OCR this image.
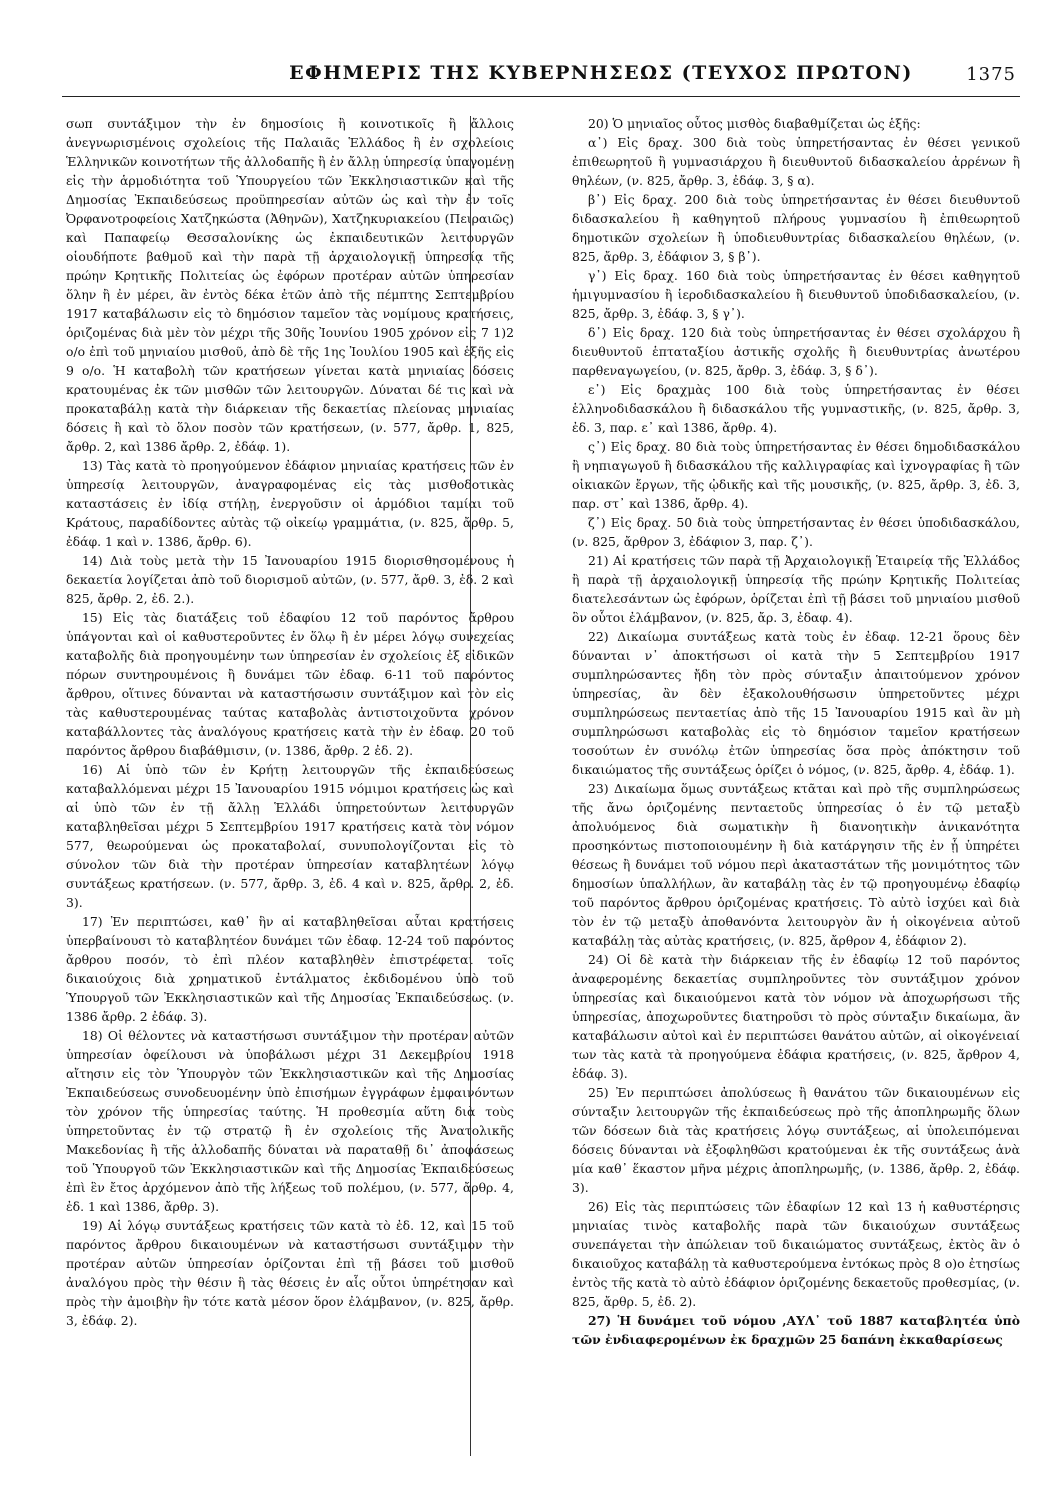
ΕΦΗΜΕΡΙΣ ΤΗΣ ΚΥΒΕΡΝΗΣΕΩΣ (ΤΕΥΧΟΣ ΠΡΩΤΟΝ)	1375

σωπ συντάξιμον τὴν ἐν δημοσίοις ἢ κοινοτικοῖς ἢ ἄλλοις ἀνεγνωρισμένοις σχολείοις τῆς Παλαιᾶς Ἑλλάδος ἢ ἐν σχολείοις Ἑλληνικῶν κοινοτήτων τῆς ἀλλοδαπῆς ἢ ἐν ἄλλῃ ὑπηρεσίᾳ ὑπαγομένῃ εἰς τὴν ἁρμοδιότητα τοῦ Ὑπουργείου τῶν Ἐκκλησιαστικῶν καὶ τῆς Δημοσίας Ἐκπαιδεύσεως προϋπηρεσίαν αὐτῶν ὡς καὶ τὴν ἐν τοῖς Ὀρφανοτροφείοις Χατζηκώστα (Ἀθηνῶν), Χατζηκυριακείου (Πειραιῶς) καὶ Παπαφείῳ Θεσσαλονίκης ὡς ἐκπαιδευτικῶν λειτουργῶν οἱουδήποτε βαθμοῦ καὶ τὴν παρὰ τῇ ἀρχαιολογικῇ ὑπηρεσίᾳ τῆς πρώην Κρητικῆς Πολιτείας ὡς ἐφόρων προτέραν αὐτῶν ὑπηρεσίαν ὅλην ἢ ἐν μέρει, ἂν ἐντὸς δέκα ἐτῶν ἀπὸ τῆς πέμπτης Σεπτεμβρίου 1917 καταβάλωσιν εἰς τὸ δημόσιον ταμεῖον τὰς νομίμους κρατήσεις, ὁριζομένας διὰ μὲν τὸν μέχρι τῆς 30ῆς Ἰουνίου 1905 χρόνον εἰς 7 1)2 ο/ο ἐπὶ τοῦ μηνιαίου μισθοῦ, ἀπὸ δὲ τῆς 1ης Ἰουλίου 1905 καὶ ἑξῆς εἰς 9 ο/ο. Ἡ καταβολὴ τῶν κρατήσεων γίνεται κατὰ μηνιαίας δόσεις κρατουμένας ἐκ τῶν μισθῶν τῶν λειτουργῶν. Δύναται δέ τις καὶ νὰ προκαταβάλῃ κατὰ τὴν διάρκειαν τῆς δεκαετίας πλείονας μηνιαίας δόσεις ἢ καὶ τὸ ὅλον ποσὸν τῶν κρατήσεων, (ν. 577, ἄρθρ. 1, 825, ἄρθρ. 2, καὶ 1386 ἄρθρ. 2, ἐδάφ. 1).

13) Τὰς κατὰ τὸ προηγούμενον ἐδάφιον μηνιαίας κρατήσεις τῶν ἐν ὑπηρεσίᾳ λειτουργῶν, ἀναγραφομένας εἰς τὰς μισθοδοτικὰς καταστάσεις ἐν ἰδίᾳ στήλῃ, ἐνεργοῦσιν οἱ ἁρμόδιοι ταμίαι τοῦ Κράτους, παραδίδοντες αὐτὰς τῷ οἰκείῳ γραμμάτια, (ν. 825, ἄρθρ. 5, ἐδάφ. 1 καὶ ν. 1386, ἄρθρ. 6).

14) Διὰ τοὺς μετὰ τὴν 15 Ἰανουαρίου 1915 διορισθησομένους ἡ δεκαετία λογίζεται ἀπὸ τοῦ διορισμοῦ αὐτῶν, (ν. 577, ἄρθ. 3, ἐδ. 2 καὶ 825, ἄρθρ. 2, ἐδ. 2.).

15) Εἰς τὰς διατάξεις τοῦ ἐδαφίου 12 τοῦ παρόντος ἄρθρου ὑπάγονται καὶ οἱ καθυστεροῦντες ἐν ὅλῳ ἢ ἐν μέρει λόγῳ συνεχείας καταβολῆς διὰ προηγουμένην των ὑπηρεσίαν ἐν σχολείοις ἐξ εἰδικῶν πόρων συντηρουμένοις ἢ δυνάμει τῶν ἐδαφ. 6-11 τοῦ παρόντος ἄρθρου, οἵτινες δύνανται νὰ καταστήσωσιν συντάξιμον καὶ τὸν εἰς τὰς καθυστερουμένας ταύτας καταβολὰς ἀντιστοιχοῦντα χρόνον καταβάλλοντες τὰς ἀναλόγους κρατήσεις κατὰ τὴν ἐν ἐδαφ. 20 τοῦ παρόντος ἄρθρου διαβάθμισιν, (ν. 1386, ἄρθρ. 2 ἐδ. 2).

16) Αἱ ὑπὸ τῶν ἐν Κρήτῃ λειτουργῶν τῆς ἐκπαιδεύσεως καταβαλλόμεναι μέχρι 15 Ἰανουαρίου 1915 νόμιμοι κρατήσεις ὡς καὶ αἱ ὑπὸ τῶν ἐν τῇ ἄλλῃ Ἑλλάδι ὑπηρετούντων λειτουργῶν καταβληθεῖσαι μέχρι 5 Σεπτεμβρίου 1917 κρατήσεις κατὰ τὸν νόμον 577, θεωρούμεναι ὡς προκαταβολαί, συνυπολογίζονται εἰς τὸ σύνολον τῶν διὰ τὴν προτέραν ὑπηρεσίαν καταβλητέων λόγῳ συντάξεως κρατήσεων. (ν. 577, ἄρθρ. 3, ἐδ. 4 καὶ ν. 825, ἄρθρ. 2, ἐδ. 3).

17) Ἐν περιπτώσει, καθ᾽ ἣν αἱ καταβληθεῖσαι αὗται κρατήσεις ὑπερβαίνουσι τὸ καταβλητέον δυνάμει τῶν ἐδαφ. 12-24 τοῦ παρόντος ἄρθρου ποσόν, τὸ ἐπὶ πλέον καταβληθὲν ἐπιστρέφεται τοῖς δικαιούχοις διὰ χρηματικοῦ ἐντάλματος ἐκδιδομένου ὑπὸ τοῦ Ὑπουργοῦ τῶν Ἐκκλησιαστικῶν καὶ τῆς Δημοσίας Ἐκπαιδεύσεως. (ν. 1386 ἄρθρ. 2 ἐδάφ. 3).

18) Οἱ θέλοντες νὰ καταστήσωσι συντάξιμον τὴν προτέραν αὐτῶν ὑπηρεσίαν ὀφείλουσι νὰ ὑποβάλωσι μέχρι 31 Δεκεμβρίου 1918 αἴτησιν εἰς τὸν Ὑπουργὸν τῶν Ἐκκλησιαστικῶν καὶ τῆς Δημοσίας Ἐκπαιδεύσεως συνοδευομένην ὑπὸ ἐπισήμων ἐγγράφων ἐμφαινόντων τὸν χρόνον τῆς ὑπηρεσίας ταύτης. Ἡ προθεσμία αὕτη διὰ τοὺς ὑπηρετοῦντας ἐν τῷ στρατῷ ἢ ἐν σχολείοις τῆς Ἀνατολικῆς Μακεδονίας ἢ τῆς ἀλλοδαπῆς δύναται νὰ παραταθῇ δι᾽ ἀποφάσεως τοῦ Ὑπουργοῦ τῶν Ἐκκλησιαστικῶν καὶ τῆς Δημοσίας Ἐκπαιδεύσεως ἐπὶ ἓν ἔτος ἀρχόμενον ἀπὸ τῆς λήξεως τοῦ πολέμου, (ν. 577, ἄρθρ. 4, ἐδ. 1 καὶ 1386, ἄρθρ. 3).

19) Αἱ λόγῳ συντάξεως κρατήσεις τῶν κατὰ τὸ ἐδ. 12, καὶ 15 τοῦ παρόντος ἄρθρου δικαιουμένων νὰ καταστήσωσι συντάξιμον τὴν προτέραν αὐτῶν ὑπηρεσίαν ὁρίζονται ἐπὶ τῇ βάσει τοῦ μισθοῦ ἀναλόγου πρὸς τὴν θέσιν ἣ τὰς θέσεις ἐν αἷς οὗτοι ὑπηρέτησαν καὶ πρὸς τὴν ἀμοιβὴν ἣν τότε κατὰ μέσον ὅρον ἐλάμβανον, (ν. 825, ἄρθρ. 3, ἐδάφ. 2).

20) Ὁ μηνιαῖος οὗτος μισθὸς διαβαθμίζεται ὡς ἑξῆς:

α᾽) Εἰς δραχ. 300 διὰ τοὺς ὑπηρετήσαντας ἐν θέσει γενικοῦ ἐπιθεωρητοῦ ἢ γυμνασιάρχου ἢ διευθυντοῦ διδασκαλείου ἀρρένων ἢ θηλέων, (ν. 825, ἄρθρ. 3, ἐδάφ. 3, § α).

β᾽) Εἰς δραχ. 200 διὰ τοὺς ὑπηρετήσαντας ἐν θέσει διευθυντοῦ διδασκαλείου ἢ καθηγητοῦ πλήρους γυμνασίου ἢ ἐπιθεωρητοῦ δημοτικῶν σχολείων ἢ ὑποδιευθυντρίας διδασκαλείου θηλέων, (ν. 825, ἄρθρ. 3, ἐδάφιον 3, § β᾽).

γ᾽) Εἰς δραχ. 160 διὰ τοὺς ὑπηρετήσαντας ἐν θέσει καθηγητοῦ ἡμιγυμνασίου ἢ ἱεροδιδασκαλείου ἢ διευθυντοῦ ὑποδιδασκαλείου, (ν. 825, ἄρθρ. 3, ἐδάφ. 3, § γ᾽).

δ᾽) Εἰς δραχ. 120 διὰ τοὺς ὑπηρετήσαντας ἐν θέσει σχολάρχου ἢ διευθυντοῦ ἑπταταξίου ἀστικῆς σχολῆς ἢ διευθυντρίας ἀνωτέρου παρθεναγωγείου, (ν. 825, ἄρθρ. 3, ἐδάφ. 3, § δ᾽).

ε᾽) Εἰς δραχμὰς 100 διὰ τοὺς ὑπηρετήσαντας ἐν θέσει ἑλληνοδιδασκάλου ἢ διδασκάλου τῆς γυμναστικῆς, (ν. 825, ἄρθρ. 3, ἐδ. 3, παρ. ε᾽ καὶ 1386, ἄρθρ. 4).

ς᾽) Εἰς δραχ. 80 διὰ τοὺς ὑπηρετήσαντας ἐν θέσει δημοδιδασκάλου ἢ νηπιαγωγοῦ ἢ διδασκάλου τῆς καλλιγραφίας καὶ ἰχνογραφίας ἢ τῶν οἰκιακῶν ἔργων, τῆς ᾠδικῆς καὶ τῆς μουσικῆς, (ν. 825, ἄρθρ. 3, ἐδ. 3, παρ. στ᾽ καὶ 1386, ἄρθρ. 4).

ζ᾽) Εἰς δραχ. 50 διὰ τοὺς ὑπηρετήσαντας ἐν θέσει ὑποδιδασκάλου, (ν. 825, ἄρθρον 3, ἐδάφιον 3, παρ. ζ᾽).

21) Αἱ κρατήσεις τῶν παρὰ τῇ Ἀρχαιολογικῇ Ἑταιρείᾳ τῆς Ἑλλάδος ἢ παρὰ τῇ ἀρχαιολογικῇ ὑπηρεσίᾳ τῆς πρώην Κρητικῆς Πολιτείας διατελεσάντων ὡς ἐφόρων, ὁρίζεται ἐπὶ τῇ βάσει τοῦ μηνιαίου μισθοῦ ὃν οὗτοι ἐλάμβανον, (ν. 825, ἄρ. 3, ἐδαφ. 4).

22) Δικαίωμα συντάξεως κατὰ τοὺς ἐν ἐδαφ. 12-21 ὅρους δὲν δύνανται ν᾽ ἀποκτήσωσι οἱ κατὰ τὴν 5 Σεπτεμβρίου 1917 συμπληρώσαντες ἤδη τὸν πρὸς σύνταξιν ἀπαιτούμενον χρόνον ὑπηρεσίας, ἂν δὲν ἐξακολουθήσωσιν ὑπηρετοῦντες μέχρι συμπληρώσεως πενταετίας ἀπὸ τῆς 15 Ἰανουαρίου 1915 καὶ ἂν μὴ συμπληρώσωσι καταβολὰς εἰς τὸ δημόσιον ταμεῖον κρατήσεων τοσούτων ἐν συνόλῳ ἐτῶν ὑπηρεσίας ὅσα πρὸς ἀπόκτησιν τοῦ δικαιώματος τῆς συντάξεως ὁρίζει ὁ νόμος, (ν. 825, ἄρθρ. 4, ἐδάφ. 1).

23) Δικαίωμα ὅμως συντάξεως κτᾶται καὶ πρὸ τῆς συμπληρώσεως τῆς ἄνω ὁριζομένης πενταετοῦς ὑπηρεσίας ὁ ἐν τῷ μεταξὺ ἀπολυόμενος διὰ σωματικὴν ἢ διανοητικὴν ἀνικανότητα προσηκόντως πιστοποιουμένην ἢ διὰ κατάργησιν τῆς ἐν ᾗ ὑπηρέτει θέσεως ἢ δυνάμει τοῦ νόμου περὶ ἀκαταστάτων τῆς μονιμότητος τῶν δημοσίων ὑπαλλήλων, ἂν καταβάλῃ τὰς ἐν τῷ προηγουμένῳ ἐδαφίῳ τοῦ παρόντος ἄρθρου ὁριζομένας κρατήσεις. Τὸ αὐτὸ ἰσχύει καὶ διὰ τὸν ἐν τῷ μεταξὺ ἀποθανόντα λειτουργὸν ἂν ἡ οἰκογένεια αὐτοῦ καταβάλῃ τὰς αὐτὰς κρατήσεις, (ν. 825, ἄρθρον 4, ἐδάφιον 2).

24) Οἱ δὲ κατὰ τὴν διάρκειαν τῆς ἐν ἐδαφίῳ 12 τοῦ παρόντος ἀναφερομένης δεκαετίας συμπληροῦντες τὸν συντάξιμον χρόνον ὑπηρεσίας καὶ δικαιούμενοι κατὰ τὸν νόμον νὰ ἀποχωρήσωσι τῆς ὑπηρεσίας, ἀποχωροῦντες διατηροῦσι τὸ πρὸς σύνταξιν δικαίωμα, ἂν καταβάλωσιν αὐτοὶ καὶ ἐν περιπτώσει θανάτου αὐτῶν, αἱ οἰκογένειαί των τὰς κατὰ τὰ προηγούμενα ἐδάφια κρατήσεις, (ν. 825, ἄρθρον 4, ἐδάφ. 3).

25) Ἐν περιπτώσει ἀπολύσεως ἢ θανάτου τῶν δικαιουμένων εἰς σύνταξιν λειτουργῶν τῆς ἐκπαιδεύσεως πρὸ τῆς ἀποπληρωμῆς ὅλων τῶν δόσεων διὰ τὰς κρατήσεις λόγῳ συντάξεως, αἱ ὑπολειπόμεναι δόσεις δύνανται νὰ ἐξοφληθῶσι κρατούμεναι ἐκ τῆς συντάξεως ἀνὰ μία καθ᾽ ἕκαστον μῆνα μέχρις ἀποπληρωμῆς, (ν. 1386, ἄρθρ. 2, ἐδάφ. 3).

26) Εἰς τὰς περιπτώσεις τῶν ἐδαφίων 12 καὶ 13 ἡ καθυστέρησις μηνιαίας τινὸς καταβολῆς παρὰ τῶν δικαιούχων συντάξεως συνεπάγεται τὴν ἀπώλειαν τοῦ δικαιώματος συντάξεως, ἐκτὸς ἂν ὁ δικαιοῦχος καταβάλῃ τὰ καθυστερούμενα ἐντόκως πρὸς 8 ο)ο ἐτησίως ἐντὸς τῆς κατὰ τὸ αὐτὸ ἐδάφιον ὁριζομένης δεκαετοῦς προθεσμίας, (ν. 825, ἄρθρ. 5, ἐδ. 2).

27) Ἡ δυνάμει τοῦ νόμου ,ΑΥΛ᾽ τοῦ 1887 καταβλητέα ὑπὸ τῶν ἐνδιαφερομένων ἐκ δραχμῶν 25 δαπάνη ἐκκαθαρίσεως
